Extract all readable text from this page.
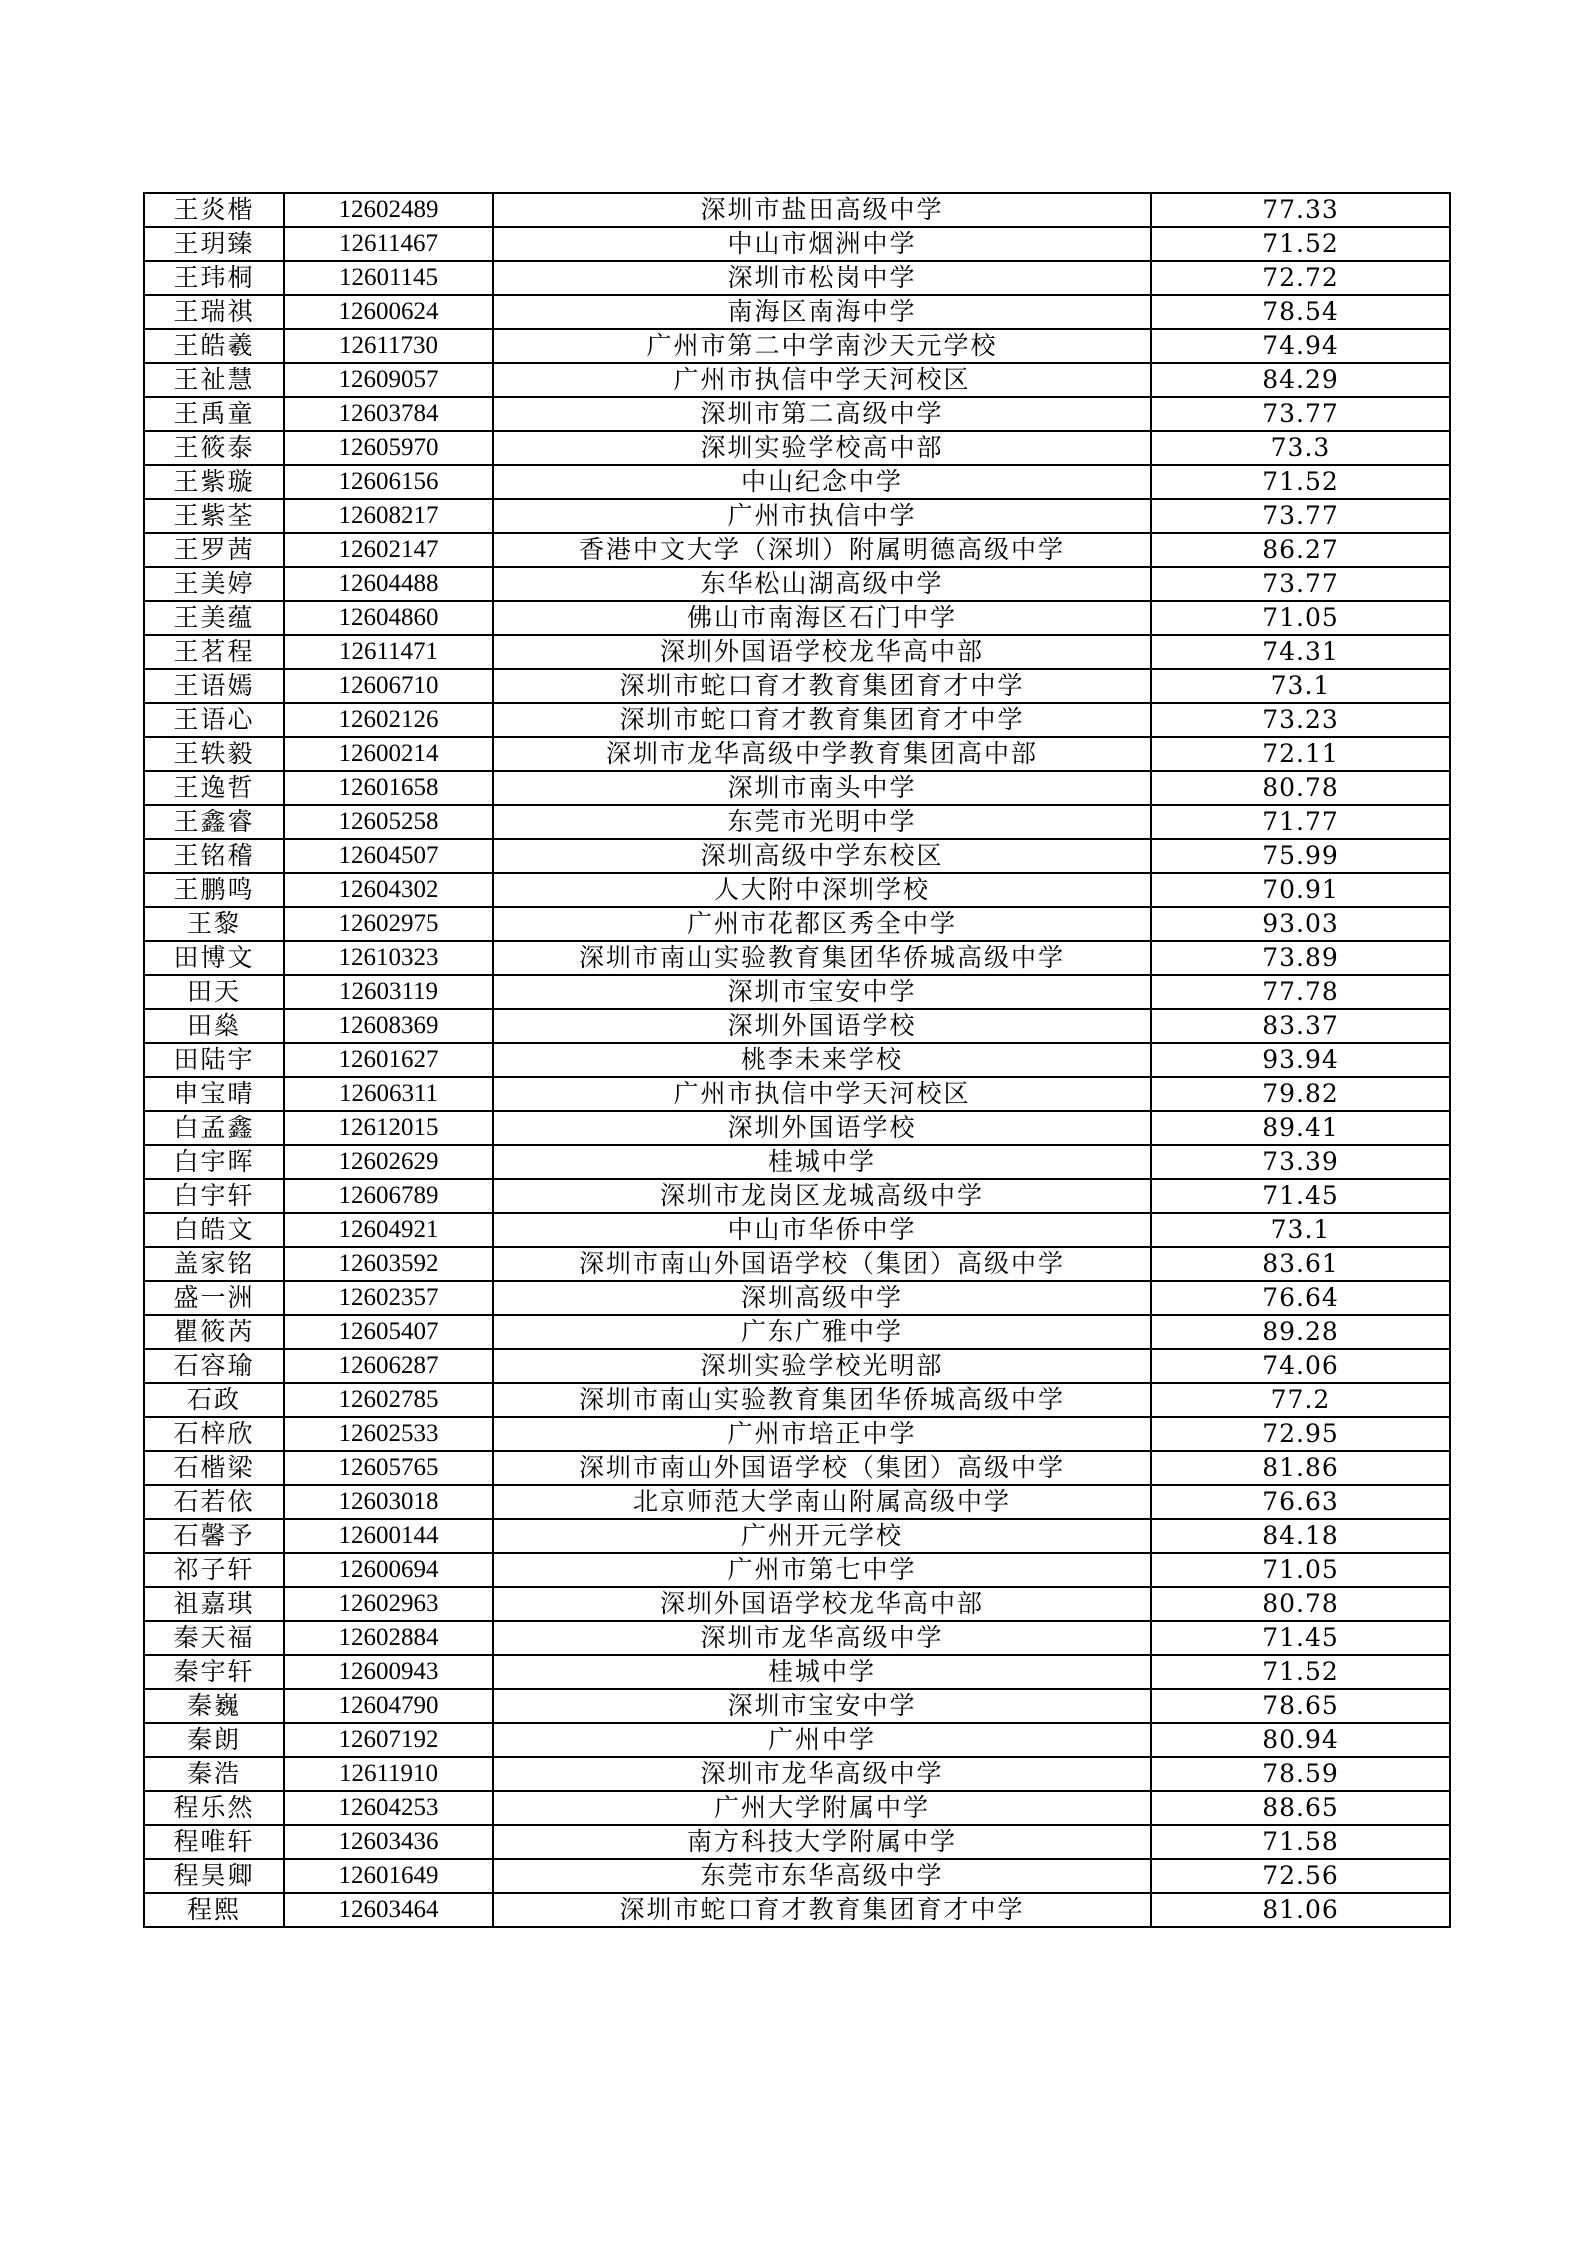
王炎楷	12602489	深圳市盐田高级中学	77.33
王玥臻	12611467	中山市烟洲中学	71.52
王玮桐	12601145	深圳市松岗中学	72.72
王瑞祺	12600624	南海区南海中学	78.54
王皓羲	12611730	广州市第二中学南沙天元学校	74.94
王祉慧	12609057	广州市执信中学天河校区	84.29
王禹童	12603784	深圳市第二高级中学	73.77
王筱泰	12605970	深圳实验学校高中部	73.3
王紫璇	12606156	中山纪念中学	71.52
王紫荃	12608217	广州市执信中学	73.77
王罗茜	12602147	香港中文大学（深圳）附属明德高级中学	86.27
王美婷	12604488	东华松山湖高级中学	73.77
王美蕴	12604860	佛山市南海区石门中学	71.05
王茗程	12611471	深圳外国语学校龙华高中部	74.31
王语嫣	12606710	深圳市蛇口育才教育集团育才中学	73.1
王语心	12602126	深圳市蛇口育才教育集团育才中学	73.23
王轶毅	12600214	深圳市龙华高级中学教育集团高中部	72.11
王逸哲	12601658	深圳市南头中学	80.78
王鑫睿	12605258	东莞市光明中学	71.77
王铭稽	12604507	深圳高级中学东校区	75.99
王鹏鸣	12604302	人大附中深圳学校	70.91
王黎	12602975	广州市花都区秀全中学	93.03
田博文	12610323	深圳市南山实验教育集团华侨城高级中学	73.89
田天	12603119	深圳市宝安中学	77.78
田燊	12608369	深圳外国语学校	83.37
田陆宇	12601627	桃李未来学校	93.94
申宝晴	12606311	广州市执信中学天河校区	79.82
白孟鑫	12612015	深圳外国语学校	89.41
白宇晖	12602629	桂城中学	73.39
白宇轩	12606789	深圳市龙岗区龙城高级中学	71.45
白皓文	12604921	中山市华侨中学	73.1
盖家铭	12603592	深圳市南山外国语学校（集团）高级中学	83.61
盛一洲	12602357	深圳高级中学	76.64
瞿筱芮	12605407	广东广雅中学	89.28
石容瑜	12606287	深圳实验学校光明部	74.06
石政	12602785	深圳市南山实验教育集团华侨城高级中学	77.2
石梓欣	12602533	广州市培正中学	72.95
石楷梁	12605765	深圳市南山外国语学校（集团）高级中学	81.86
石若依	12603018	北京师范大学南山附属高级中学	76.63
石馨予	12600144	广州开元学校	84.18
祁子轩	12600694	广州市第七中学	71.05
祖嘉琪	12602963	深圳外国语学校龙华高中部	80.78
秦天福	12602884	深圳市龙华高级中学	71.45
秦宇轩	12600943	桂城中学	71.52
秦巍	12604790	深圳市宝安中学	78.65
秦朗	12607192	广州中学	80.94
秦浩	12611910	深圳市龙华高级中学	78.59
程乐然	12604253	广州大学附属中学	88.65
程唯轩	12603436	南方科技大学附属中学	71.58
程昊卿	12601649	东莞市东华高级中学	72.56
程熙	12603464	深圳市蛇口育才教育集团育才中学	81.06
